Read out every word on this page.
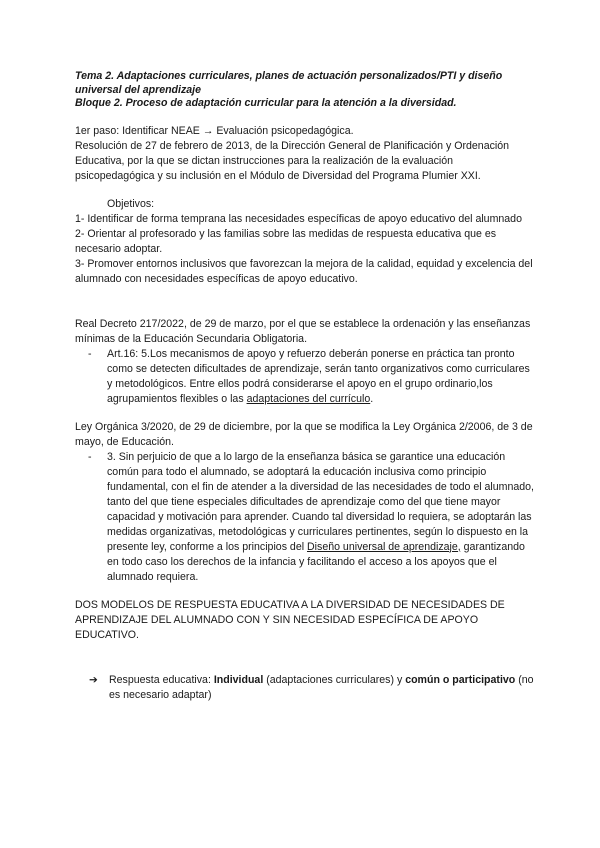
Tema 2. Adaptaciones curriculares, planes de actuación personalizados/PTI y diseño universal del aprendizaje

Bloque 2. Proceso de adaptación curricular para la atención a la diversidad.

1er paso: Identificar NEAE → Evaluación psicopedagógica.

Resolución de 27 de febrero de 2013, de la Dirección General de Planificación y Ordenación Educativa, por la que se dictan instrucciones para la realización de la evaluación psicopedagógica y su inclusión en el Módulo de Diversidad del Programa Plumier XXI.

Objetivos:

1- Identificar de forma temprana las necesidades específicas de apoyo educativo del alumnado

2- Orientar al profesorado y las familias sobre las medidas de respuesta educativa que es necesario adoptar.

3- Promover entornos inclusivos que favorezcan la mejora de la calidad, equidad y excelencia del alumnado con necesidades específicas de apoyo educativo.

Real Decreto 217/2022, de 29 de marzo, por el que se establece la ordenación y las enseñanzas mínimas de la Educación Secundaria Obligatoria.

- Art.16: 5.Los mecanismos de apoyo y refuerzo deberán ponerse en práctica tan pronto como se detecten dificultades de aprendizaje, serán tanto organizativos como curriculares y metodológicos. Entre ellos podrá considerarse el apoyo en el grupo ordinario,los agrupamientos flexibles o las adaptaciones del currículo.

Ley Orgánica 3/2020, de 29 de diciembre, por la que se modifica la Ley Orgánica 2/2006, de 3 de mayo, de Educación.

- 3. Sin perjuicio de que a lo largo de la enseñanza básica se garantice una educación común para todo el alumnado, se adoptará la educación inclusiva como principio fundamental, con el fin de atender a la diversidad de las necesidades de todo el alumnado, tanto del que tiene especiales dificultades de aprendizaje como del que tiene mayor capacidad y motivación para aprender. Cuando tal diversidad lo requiera, se adoptarán las medidas organizativas, metodológicas y curriculares pertinentes, según lo dispuesto en la presente ley, conforme a los principios del Diseño universal de aprendizaje, garantizando en todo caso los derechos de la infancia y facilitando el acceso a los apoyos que el alumnado requiera.

DOS MODELOS DE RESPUESTA EDUCATIVA A LA DIVERSIDAD DE NECESIDADES DE APRENDIZAJE DEL ALUMNADO CON Y SIN NECESIDAD ESPECÍFICA DE APOYO EDUCATIVO.

➔ Respuesta educativa: Individual (adaptaciones curriculares) y común o participativo (no es necesario adaptar)
